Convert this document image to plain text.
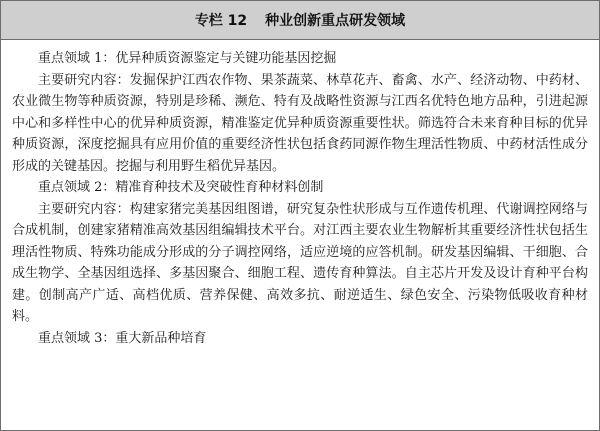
专栏 12 种业创新重点研发领域

重点领域 1：优异种质资源鉴定与关键功能基因挖掘

主要研究内容：发掘保护江西农作物、果茶蔬菜、林草花卉、畜禽、水产、经济动物、中药材、农业微生物等种质资源，特别是珍稀、濒危、特有及战略性资源与江西名优特色地方品种，引进起源中心和多样性中心的优异种质资源，精准鉴定优异种质资源重要性状。筛选符合未来育种目标的优异种质资源，深度挖掘具有应用价值的重要经济性状包括食药同源作物生理活性物质、中药材活性成分形成的关键基因。挖掘与利用野生稻优异基因。

重点领域 2：精准育种技术及突破性育种材料创制

主要研究内容：构建家猪完美基因组图谱，研究复杂性状形成与互作遗传机理、代谢调控网络与合成机制，创建家猪精准高效基因组编辑技术平台。对江西主要农业生物解析其重要经济性状包括生理活性物质、特殊功能成分形成的分子调控网络，适应逆境的应答机制。研发基因编辑、干细胞、合成生物学、全基因组选择、多基因聚合、细胞工程、遗传育种算法。自主芯片开发及设计育种平台构建。创制高产广适、高档优质、营养保健、高效多抗、耐逆适生、绿色安全、污染物低吸收育种材料。

重点领域 3：重大新品种培育
